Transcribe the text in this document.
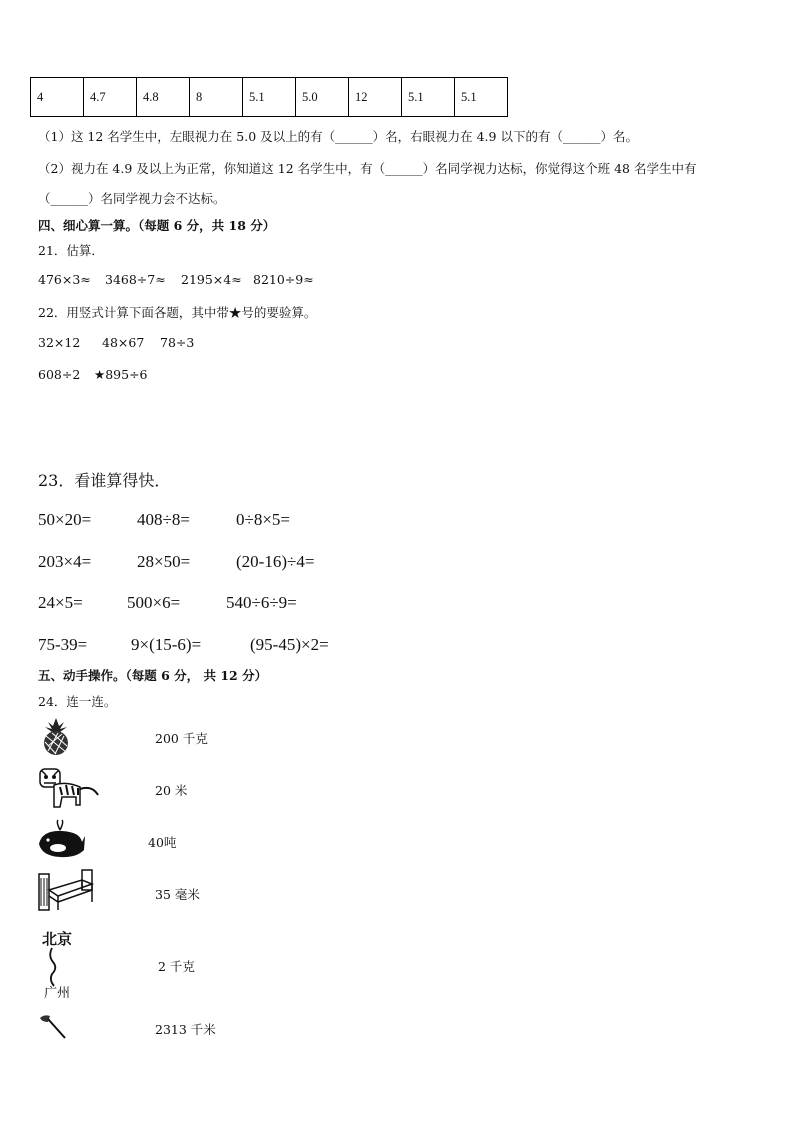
4	4.7	4.8	8	5.1	5.0	12	5.1	5.1
（1）这 12 名学生中，左眼视力在 5.0 及以上的有（______）名，右眼视力在 4.9 以下的有（______）名。
（2）视力在 4.9 及以上为正常，你知道这 12 名学生中，有（______）名同学视力达标，你觉得这个班 48 名学生中有
（______）名同学视力会不达标。
四、细心算一算。（每题 6 分，共 18 分）
21．估算．
476×3≈ 3468÷7≈ 2195×4≈ 8210÷9≈
22．用竖式计算下面各题，其中带★号的要验算。
32×12 48×67 78÷3
608÷2 ★895÷6
23．看谁算得快．
50×20=	408÷8=	0÷8×5=
203×4=	28×50=	(20-16)÷4=
24×5=	500×6=	540÷6÷9=
75-39=	9×(15-6)=	(95-45)×2=
五、动手操作。（每题 6 分， 共 12 分）
24．连一连。
北京
广州
200 千克
20 米
40吨
35 毫米
2 千克
2313 千米
